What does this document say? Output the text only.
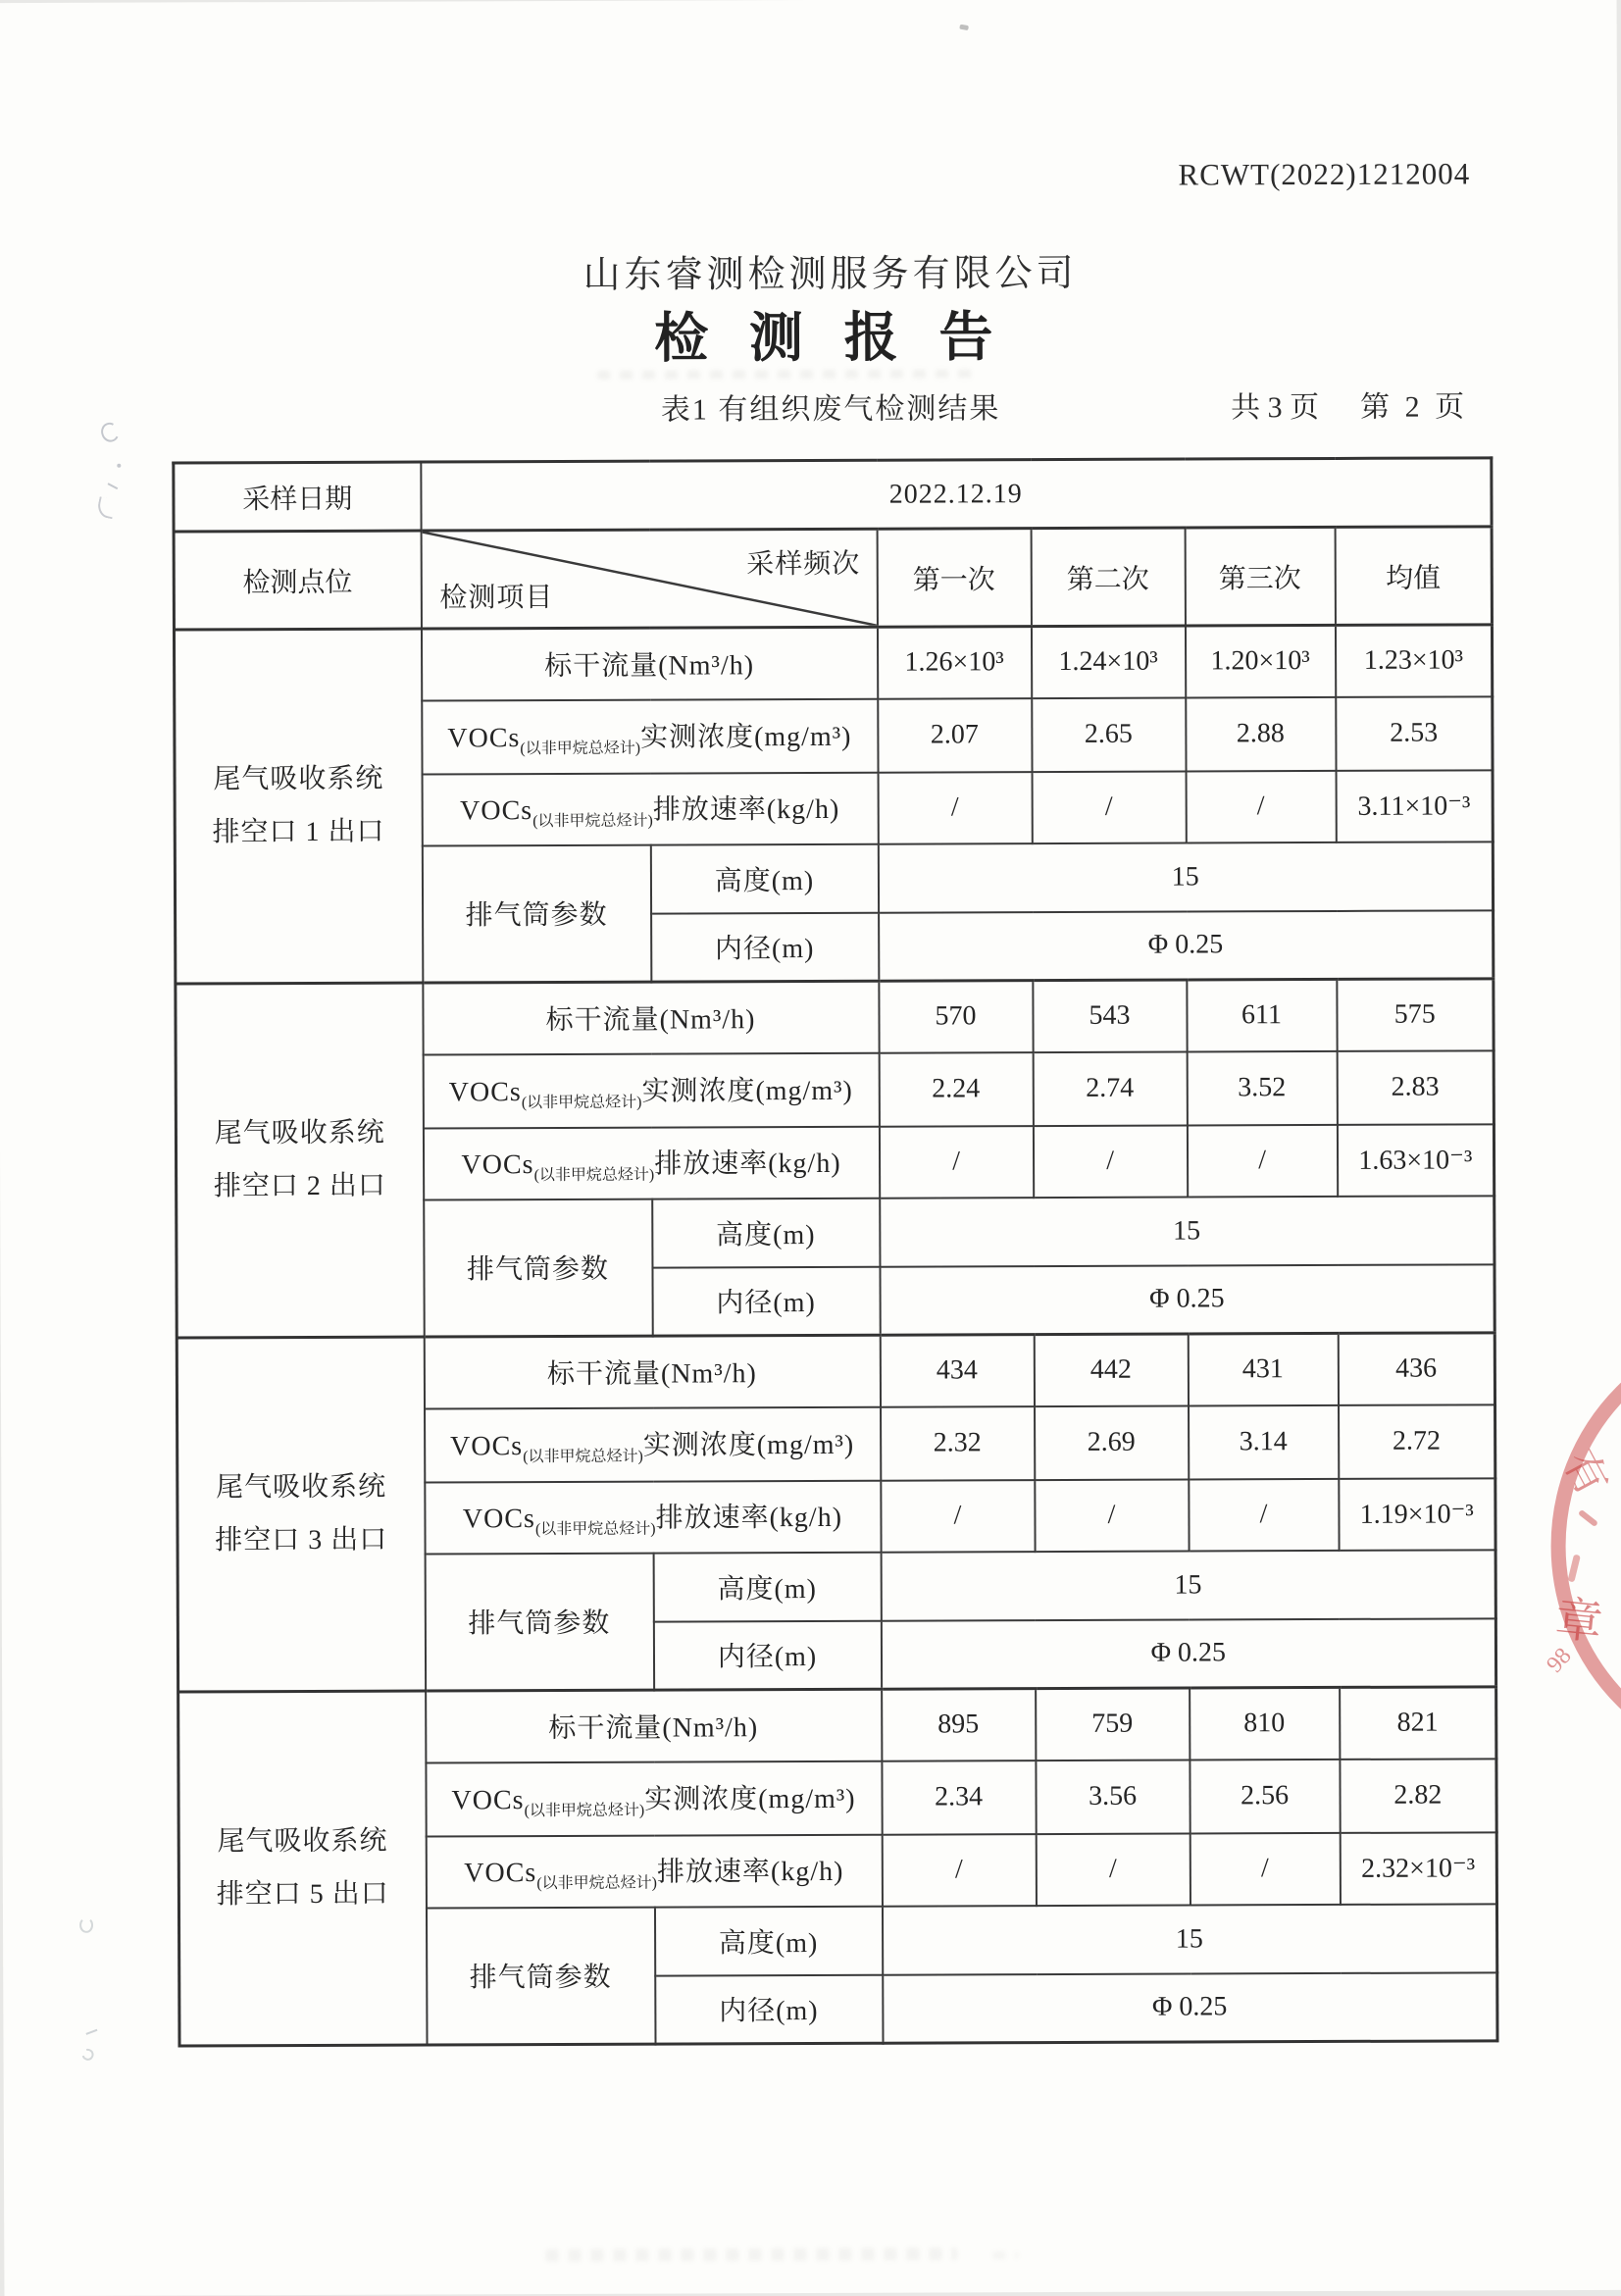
RCWT(2022)1212004
山东睿测检测服务有限公司
检 测 报 告
表1 有组织废气检测结果	共 3 页 第 2 页
采样日期	2022.12.19					
检测点位	采样频次
检测项目		第一次	第二次	第三次	均值

尾气吸收系统
排空口 1 出口	标干流量(Nm³/h)		1.26×10³	1.24×10³	1.20×10³	1.23×10³
	VOCs$_{(以非甲烷总烃计)}$实测浓度(mg/m³)		2.07	2.65	2.88	2.53
	VOCs$_{(以非甲烷总烃计)}$排放速率(kg/h)		/	/	/	3.11×10⁻³
	排气筒参数	高度(m)	15			
		内径(m)	Φ 0.25			

尾气吸收系统
排空口 2 出口	标干流量(Nm³/h)		570	543	611	575
	VOCs$_{(以非甲烷总烃计)}$实测浓度(mg/m³)		2.24	2.74	3.52	2.83
	VOCs$_{(以非甲烷总烃计)}$排放速率(kg/h)		/	/	/	1.63×10⁻³
	排气筒参数	高度(m)	15			
		内径(m)	Φ 0.25			

尾气吸收系统
排空口 3 出口	标干流量(Nm³/h)		434	442	431	436
	VOCs$_{(以非甲烷总烃计)}$实测浓度(mg/m³)		2.32	2.69	3.14	2.72
	VOCs$_{(以非甲烷总烃计)}$排放速率(kg/h)		/	/	/	1.19×10⁻³
	排气筒参数	高度(m)	15			
		内径(m)	Φ 0.25			

尾气吸收系统
排空口 5 出口	标干流量(Nm³/h)		895	759	810	821
	VOCs$_{(以非甲烷总烃计)}$实测浓度(mg/m³)		2.34	3.56	2.56	2.82
	VOCs$_{(以非甲烷总烃计)}$排放速率(kg/h)		/	/	/	2.32×10⁻³
	排气筒参数	高度(m)	15			
		内径(m)	Φ 0.25			
有
章
98
